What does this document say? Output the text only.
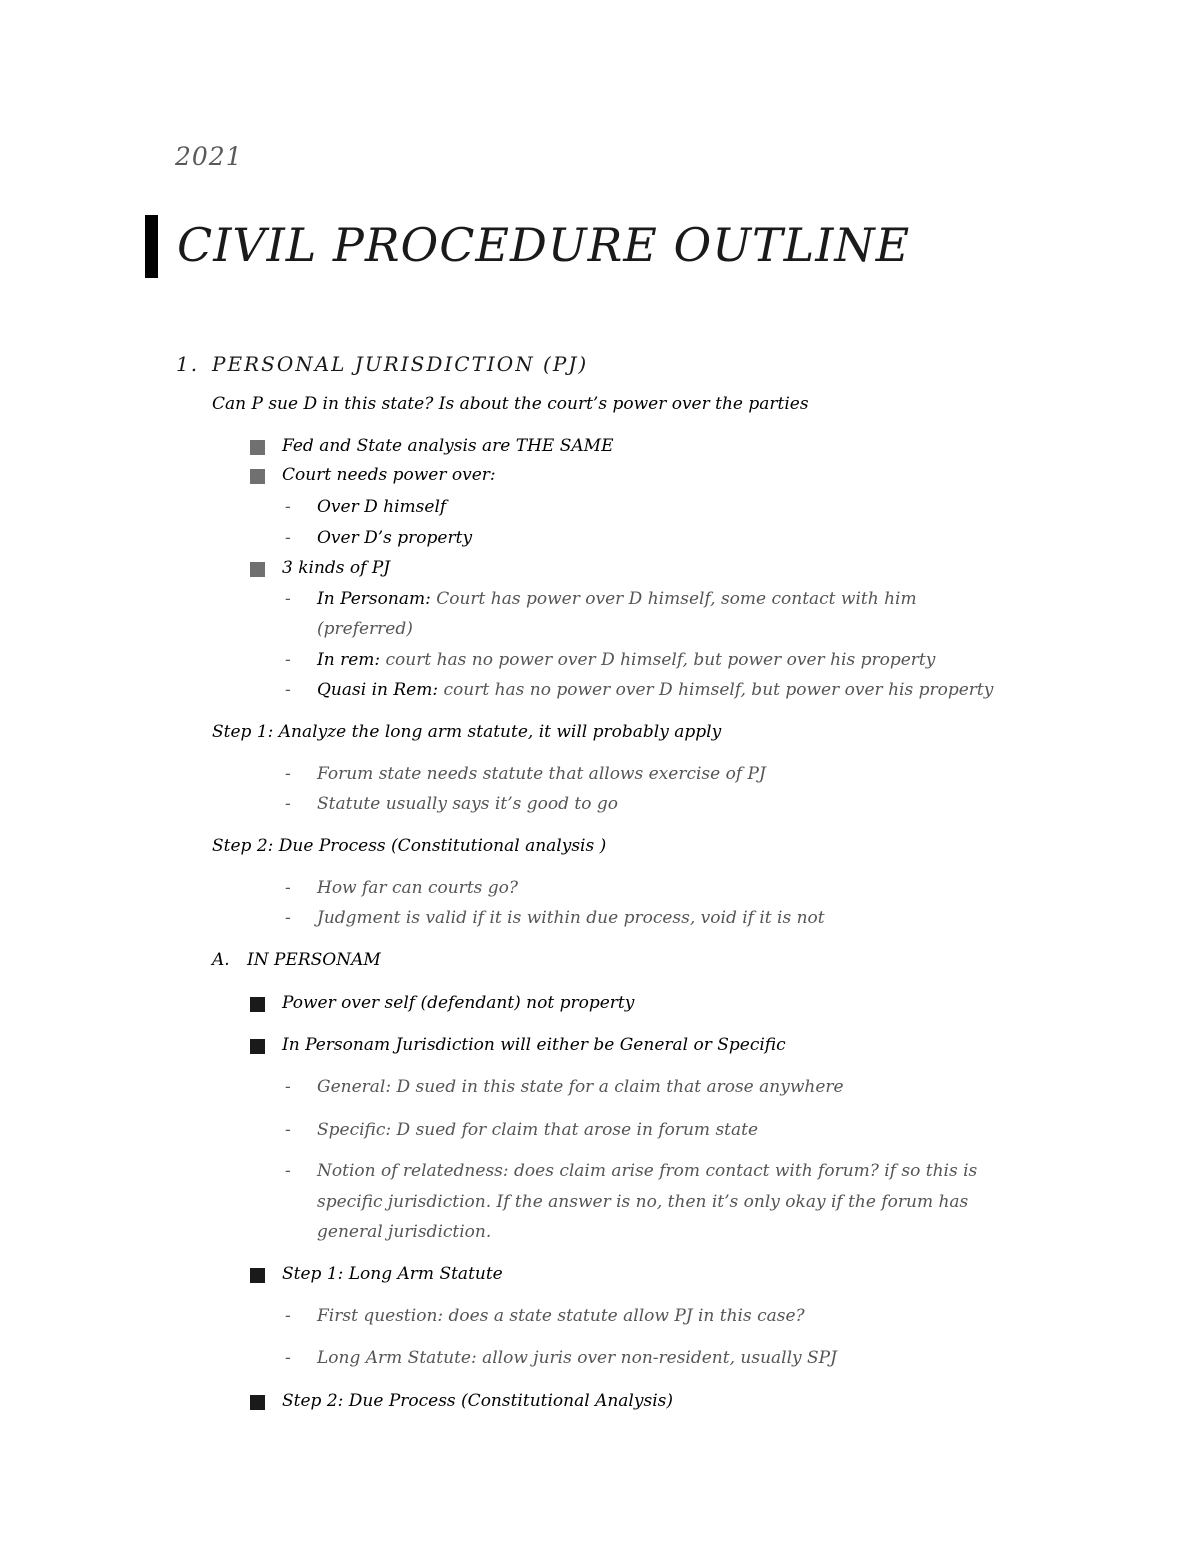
2021
CIVIL PROCEDURE OUTLINE
1. PERSONAL JURISDICTION (PJ)
Can P sue D in this state? Is about the court’s power over the parties
Fed and State analysis are THE SAME
Court needs power over:
- Over D himself
- Over D’s property
3 kinds of PJ
- In Personam: Court has power over D himself, some contact with him
(preferred)
- In rem: court has no power over D himself, but power over his property
- Quasi in Rem: court has no power over D himself, but power over his property
Step 1: Analyze the long arm statute, it will probably apply
- Forum state needs statute that allows exercise of PJ
- Statute usually says it’s good to go
Step 2: Due Process (Constitutional analysis )
- How far can courts go?
- Judgment is valid if it is within due process, void if it is not
A. IN PERSONAM
Power over self (defendant) not property
In Personam Jurisdiction will either be General or Specific
- General: D sued in this state for a claim that arose anywhere
- Specific: D sued for claim that arose in forum state
- Notion of relatedness: does claim arise from contact with forum? if so this is
specific jurisdiction. If the answer is no, then it’s only okay if the forum has
general jurisdiction.
Step 1: Long Arm Statute
- First question: does a state statute allow PJ in this case?
- Long Arm Statute: allow juris over non-resident, usually SPJ
Step 2: Due Process (Constitutional Analysis)
